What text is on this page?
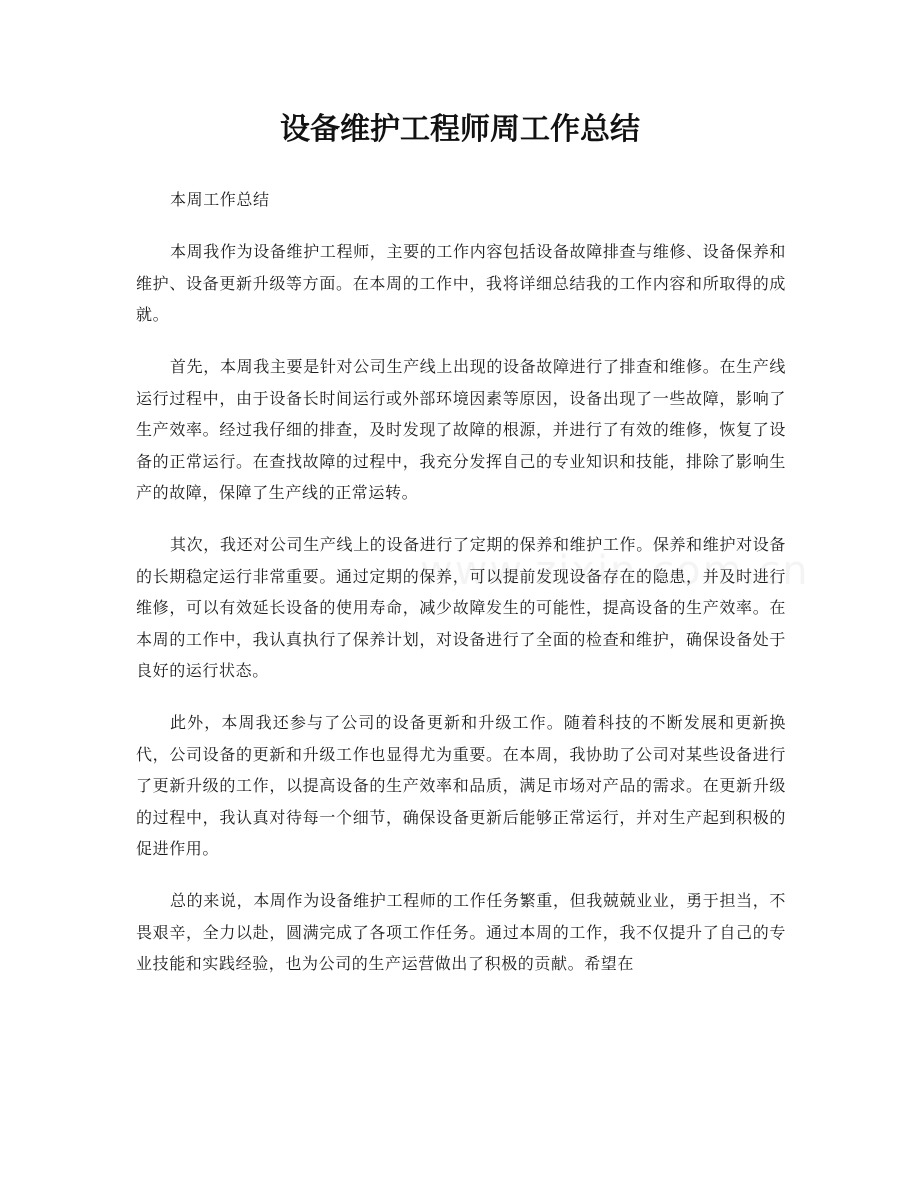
设备维护工程师周工作总结

本周工作总结

本周我作为设备维护工程师，主要的工作内容包括设备故障排查与维修、设备保养和维护、设备更新升级等方面。在本周的工作中，我将详细总结我的工作内容和所取得的成就。

首先，本周我主要是针对公司生产线上出现的设备故障进行了排查和维修。在生产线运行过程中，由于设备长时间运行或外部环境因素等原因，设备出现了一些故障，影响了生产效率。经过我仔细的排查，及时发现了故障的根源，并进行了有效的维修，恢复了设备的正常运行。在查找故障的过程中，我充分发挥自己的专业知识和技能，排除了影响生产的故障，保障了生产线的正常运转。

其次，我还对公司生产线上的设备进行了定期的保养和维护工作。保养和维护对设备的长期稳定运行非常重要。通过定期的保养，可以提前发现设备存在的隐患，并及时进行维修，可以有效延长设备的使用寿命，减少故障发生的可能性，提高设备的生产效率。在本周的工作中，我认真执行了保养计划，对设备进行了全面的检查和维护，确保设备处于良好的运行状态。

此外，本周我还参与了公司的设备更新和升级工作。随着科技的不断发展和更新换代，公司设备的更新和升级工作也显得尤为重要。在本周，我协助了公司对某些设备进行了更新升级的工作，以提高设备的生产效率和品质，满足市场对产品的需求。在更新升级的过程中，我认真对待每一个细节，确保设备更新后能够正常运行，并对生产起到积极的促进作用。

总的来说，本周作为设备维护工程师的工作任务繁重，但我兢兢业业，勇于担当，不畏艰辛，全力以赴，圆满完成了各项工作任务。通过本周的工作，我不仅提升了自己的专业技能和实践经验，也为公司的生产运营做出了积极的贡献。希望在
